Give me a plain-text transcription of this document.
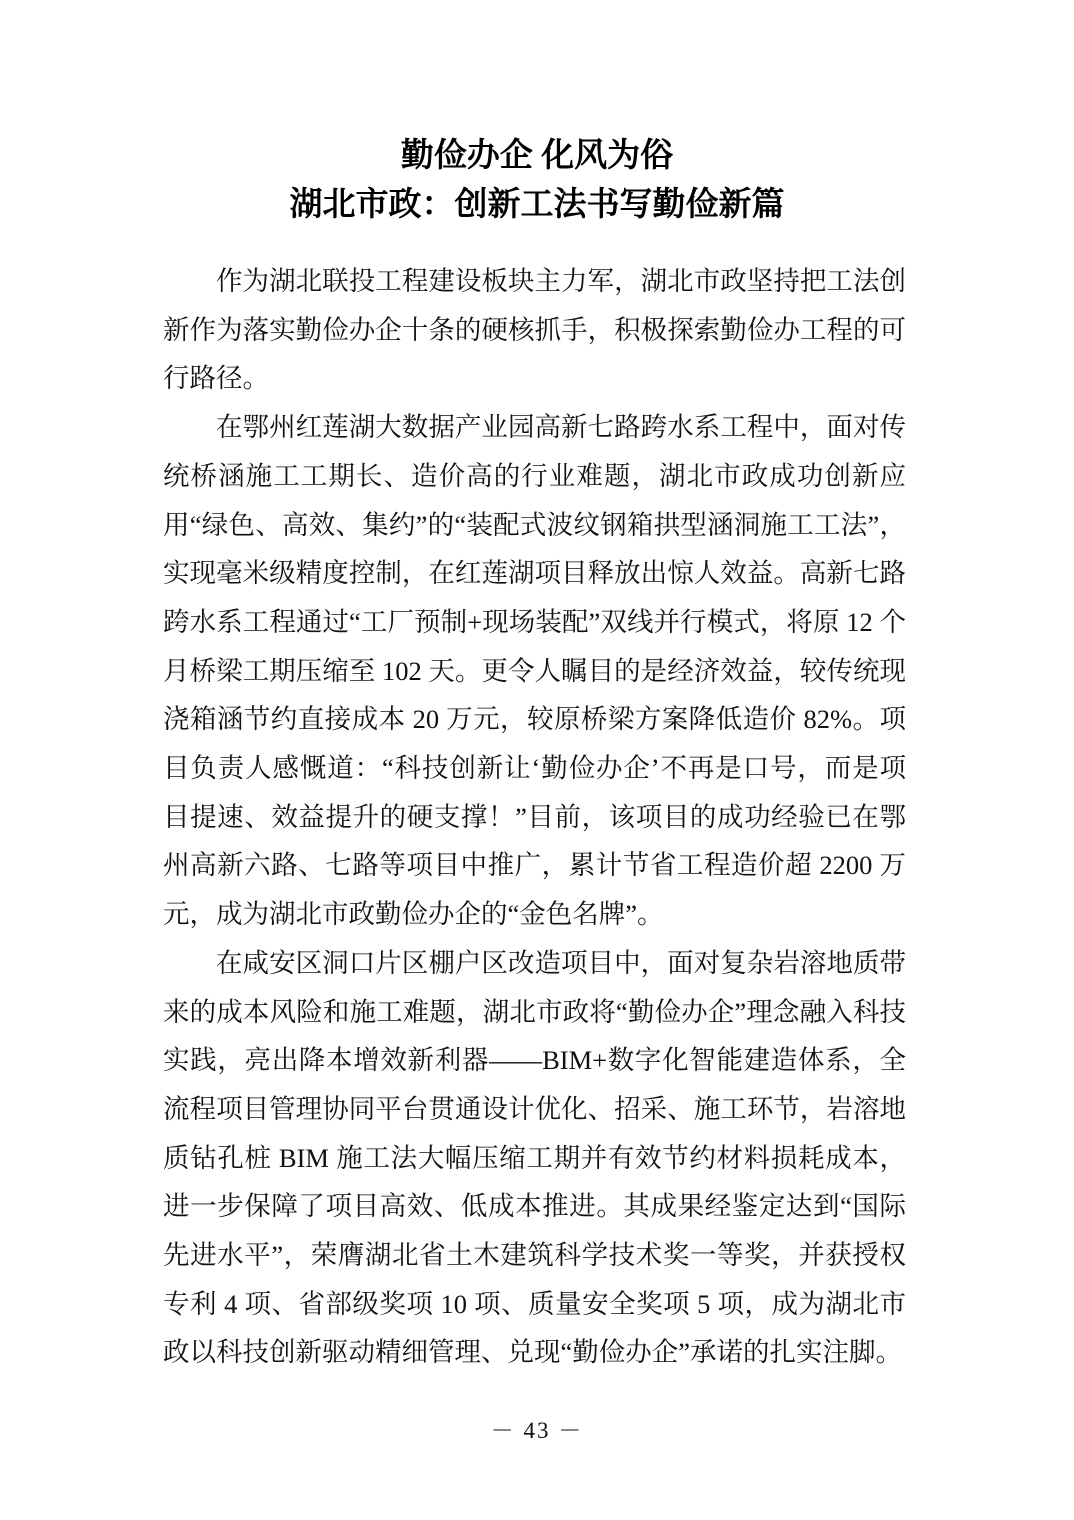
勤俭办企 化风为俗
湖北市政：创新工法书写勤俭新篇

作为湖北联投工程建设板块主力军，湖北市政坚持把工法创新作为落实勤俭办企十条的硬核抓手，积极探索勤俭办工程的可行路径。

在鄂州红莲湖大数据产业园高新七路跨水系工程中，面对传统桥涵施工工期长、造价高的行业难题，湖北市政成功创新应用“绿色、高效、集约”的“装配式波纹钢箱拱型涵洞施工工法”，实现毫米级精度控制，在红莲湖项目释放出惊人效益。高新七路跨水系工程通过“工厂预制+现场装配”双线并行模式，将原 12 个月桥梁工期压缩至 102 天。更令人瞩目的是经济效益，较传统现浇箱涵节约直接成本 20 万元，较原桥梁方案降低造价 82%。项目负责人感慨道：“科技创新让‘勤俭办企’不再是口号，而是项目提速、效益提升的硬支撑！”目前，该项目的成功经验已在鄂州高新六路、七路等项目中推广，累计节省工程造价超 2200 万元，成为湖北市政勤俭办企的“金色名牌”。

在咸安区洞口片区棚户区改造项目中，面对复杂岩溶地质带来的成本风险和施工难题，湖北市政将“勤俭办企”理念融入科技实践，亮出降本增效新利器——BIM+数字化智能建造体系，全流程项目管理协同平台贯通设计优化、招采、施工环节，岩溶地质钻孔桩 BIM 施工法大幅压缩工期并有效节约材料损耗成本，进一步保障了项目高效、低成本推进。其成果经鉴定达到“国际先进水平”，荣膺湖北省土木建筑科学技术奖一等奖，并获授权专利 4 项、省部级奖项 10 项、质量安全奖项 5 项，成为湖北市政以科技创新驱动精细管理、兑现“勤俭办企”承诺的扎实注脚。

－ 43 －
